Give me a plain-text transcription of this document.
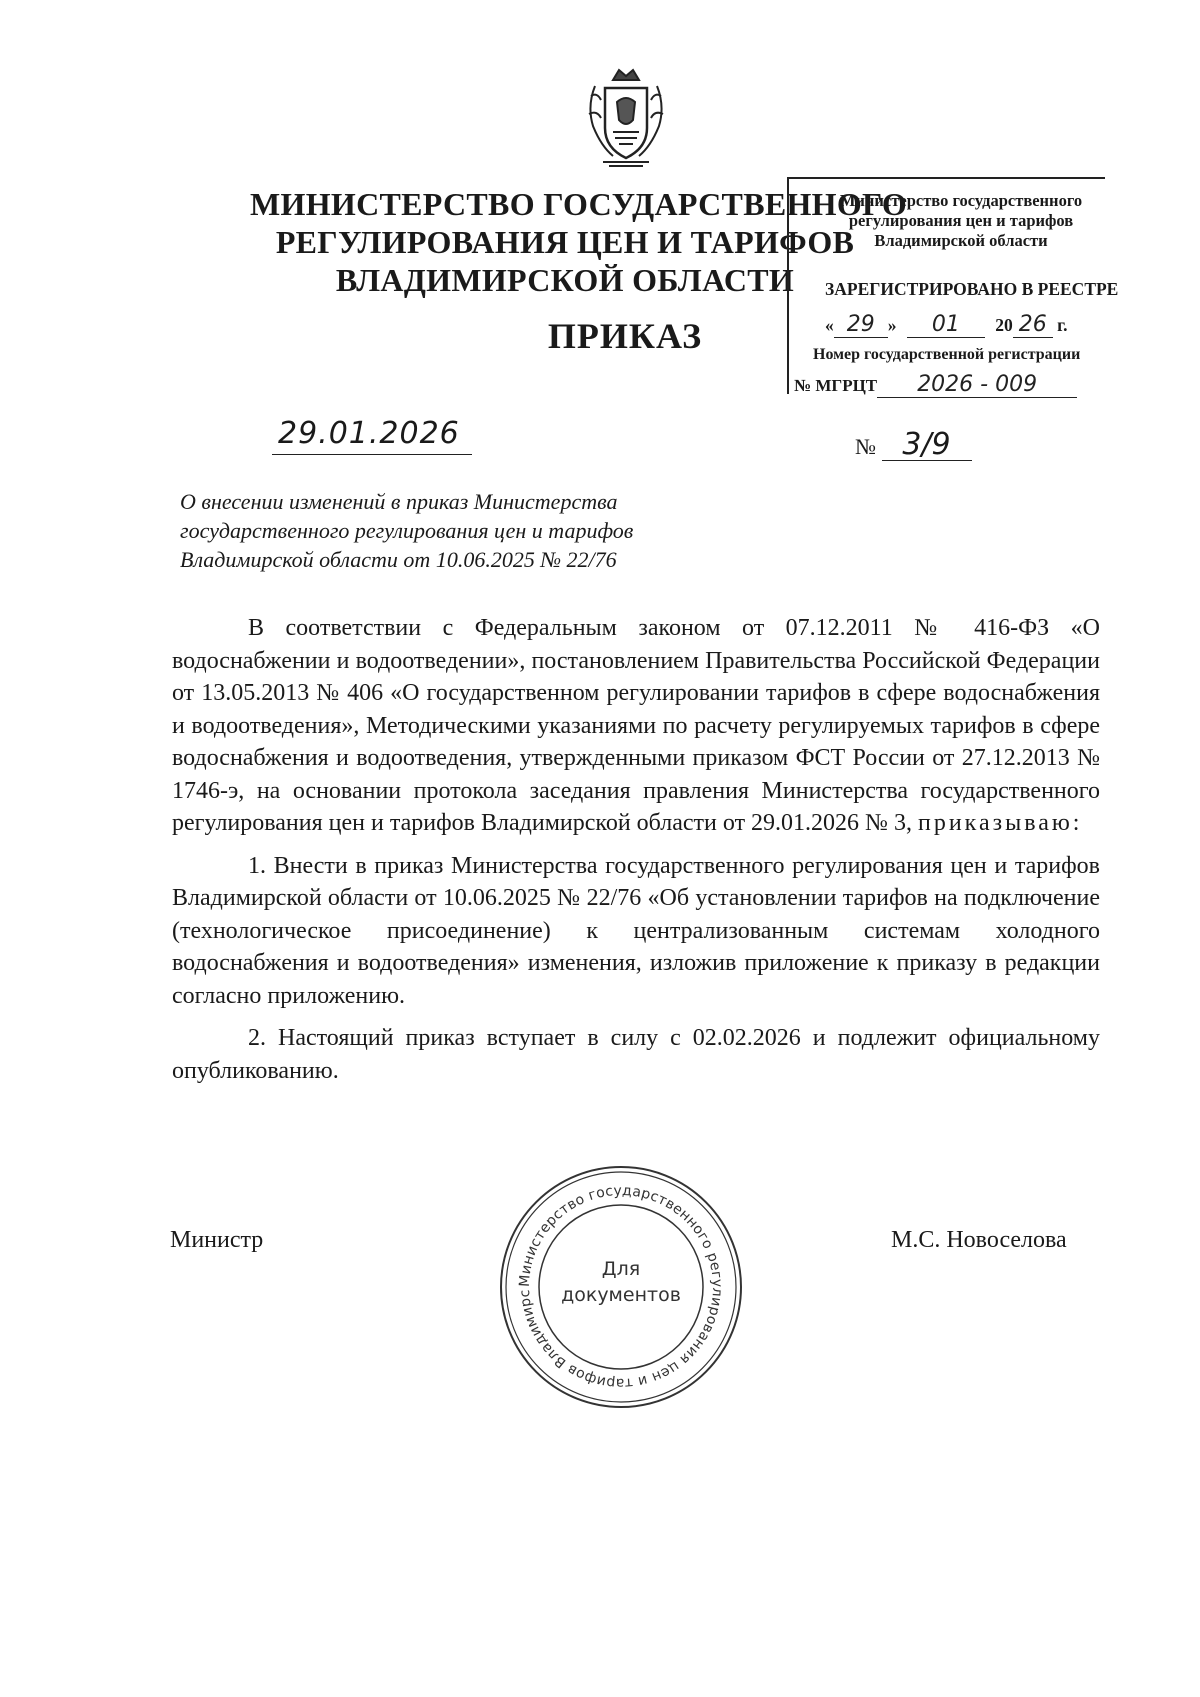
МИНИСТЕРСТВО ГОСУДАРСТВЕННОГО
РЕГУЛИРОВАНИЯ ЦЕН И ТАРИФОВ
ВЛАДИМИРСКОЙ ОБЛАСТИ
ПРИКАЗ
Министерство государственного
регулирования цен и тарифов
Владимирской области
ЗАРЕГИСТРИРОВАНО В РЕЕСТРЕ
« 29 » 01 20 26 г.
Номер государственной регистрации
№ МГРЦТ 2026 - 009
29.01.2026	№ 3/9
О внесении изменений в приказ Министерства
государственного регулирования цен и тарифов
Владимирской области от 10.06.2025 № 22/76

В соответствии с Федеральным законом от 07.12.2011 № 416-ФЗ «О водоснабжении и водоотведении», постановлением Правительства Российской Федерации от 13.05.2013 № 406 «О государственном регулировании тарифов в сфере водоснабжения и водоотведения», Методическими указаниями по расчету регулируемых тарифов в сфере водоснабжения и водоотведения, утвержденными приказом ФСТ России от 27.12.2013 № 1746-э, на основании протокола заседания правления Министерства государственного регулирования цен и тарифов Владимирской области от 29.01.2026 № 3, приказываю:

1. Внести в приказ Министерства государственного регулирования цен и тарифов Владимирской области от 10.06.2025 № 22/76 «Об установлении тарифов на подключение (технологическое присоединение) к централизованным системам холодного водоснабжения и водоотведения» изменения, изложив приложение к приказу в редакции согласно приложению.

2. Настоящий приказ вступает в силу с 02.02.2026 и подлежит официальному опубликованию.

Министр	М.С. Новоселова
Министерство государственного регулирования цен и тарифов Владимирс
Для
документов
